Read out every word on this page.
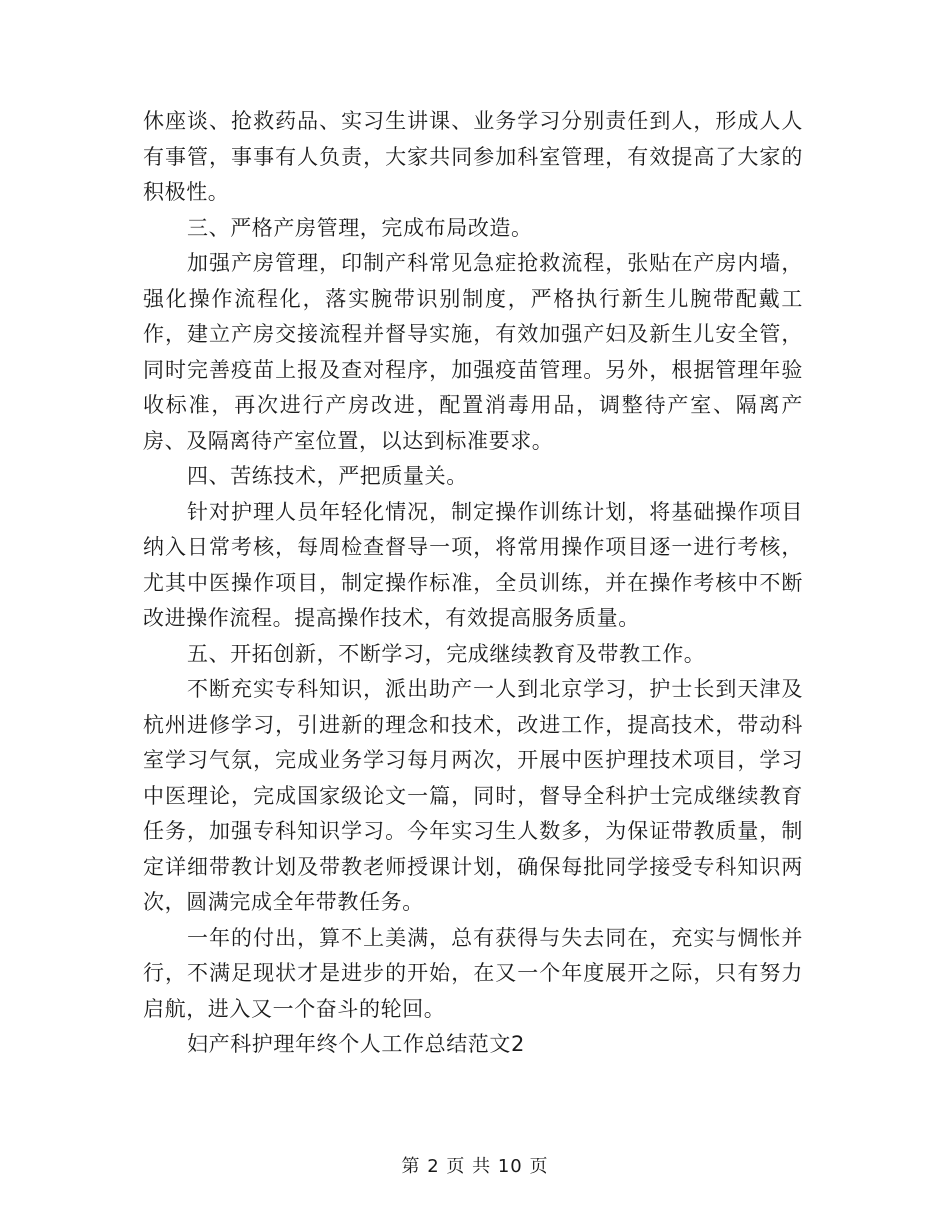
休座谈、抢救药品、实习生讲课、业务学习分别责任到人，形成人人有事管，事事有人负责，大家共同参加科室管理，有效提高了大家的积极性。

三、严格产房管理，完成布局改造。

加强产房管理，印制产科常见急症抢救流程，张贴在产房内墙，强化操作流程化，落实腕带识别制度，严格执行新生儿腕带配戴工作，建立产房交接流程并督导实施，有效加强产妇及新生儿安全管，同时完善疫苗上报及查对程序，加强疫苗管理。另外，根据管理年验收标准，再次进行产房改进，配置消毒用品，调整待产室、隔离产房、及隔离待产室位置，以达到标准要求。

四、苦练技术，严把质量关。

针对护理人员年轻化情况，制定操作训练计划，将基础操作项目纳入日常考核，每周检查督导一项，将常用操作项目逐一进行考核，尤其中医操作项目，制定操作标准，全员训练，并在操作考核中不断改进操作流程。提高操作技术，有效提高服务质量。

五、开拓创新，不断学习，完成继续教育及带教工作。

不断充实专科知识，派出助产一人到北京学习，护士长到天津及杭州进修学习，引进新的理念和技术，改进工作，提高技术，带动科室学习气氛，完成业务学习每月两次，开展中医护理技术项目，学习中医理论，完成国家级论文一篇，同时，督导全科护士完成继续教育任务，加强专科知识学习。今年实习生人数多，为保证带教质量，制定详细带教计划及带教老师授课计划，确保每批同学接受专科知识两次，圆满完成全年带教任务。

一年的付出，算不上美满，总有获得与失去同在，充实与惆怅并行，不满足现状才是进步的开始，在又一个年度展开之际，只有努力启航，进入又一个奋斗的轮回。

妇产科护理年终个人工作总结范文2

第 2 页 共 10 页
